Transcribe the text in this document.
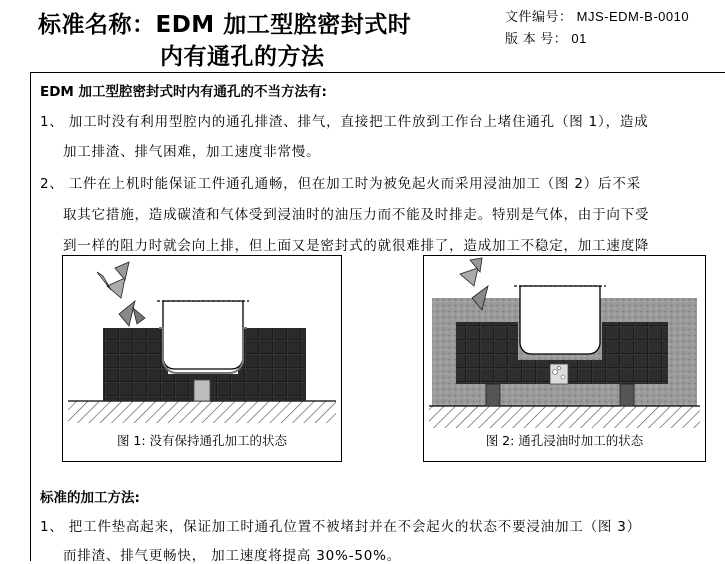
标准名称：EDM 加工型腔密封式时
内有通孔的方法
文件编号： MJS-EDM-B-0010
版 本 号： 01
EDM 加工型腔密封式时内有通孔的不当方法有:
1、 加工时没有利用型腔内的通孔排渣、排气，直接把工件放到工作台上堵住通孔（图 1），造成
加工排渣、排气困难，加工速度非常慢。
2、 工件在上机时能保证工件通孔通畅，但在加工时为被免起火而采用浸油加工（图 2）后不采
取其它措施，造成碳渣和气体受到浸油时的油压力而不能及时排走。特别是气体，由于向下受
到一样的阻力时就会向上排，但上面又是密封式的就很难排了，造成加工不稳定，加工速度降
图 1: 没有保持通孔加工的状态	图 2: 通孔浸油时加工的状态
标准的加工方法:
1、 把工件垫高起来，保证加工时通孔位置不被堵封并在不会起火的状态不要浸油加工（图 3）
而排渣、排气更畅快， 加工速度将提高 30%-50%。
